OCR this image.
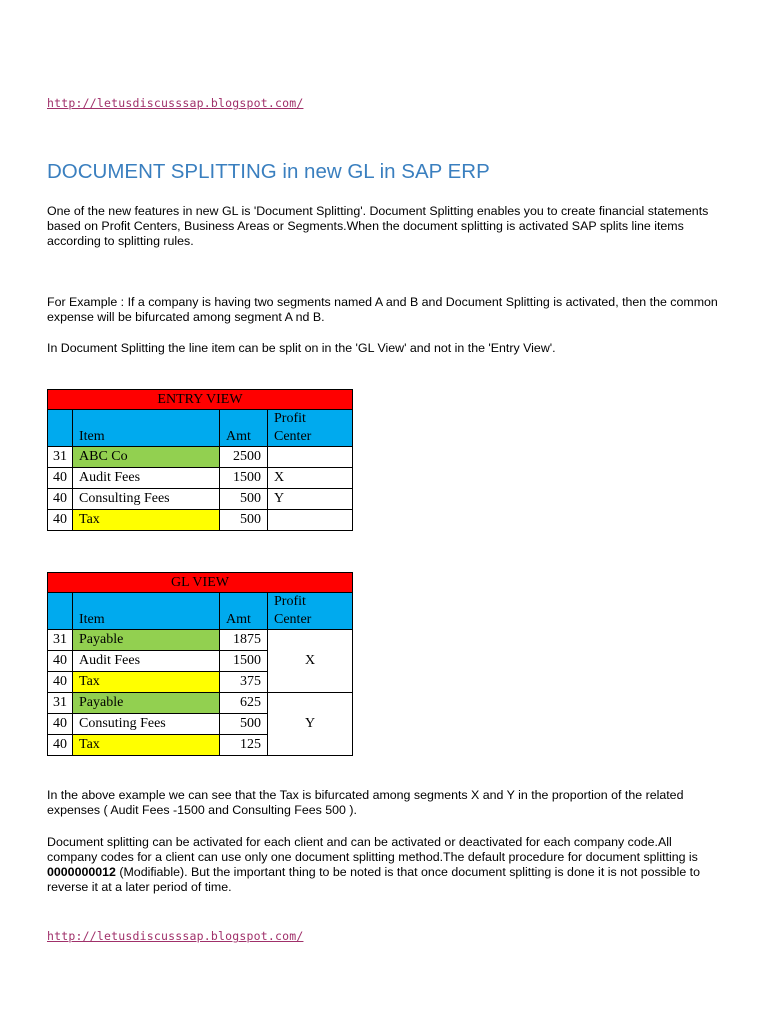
http://letusdiscusssap.blogspot.com/
DOCUMENT SPLITTING in new GL in SAP ERP

One of the new features in new GL is 'Document Splitting'. Document Splitting enables you to create financial statements based on Profit Centers, Business Areas or Segments.When the document splitting is activated SAP splits line items according to splitting rules.

For Example : If a company is having two segments named A and B and Document Splitting is activated, then the common expense will be bifurcated among segment A nd B.

In Document Splitting the line item can be split on in the 'GL View' and not in the 'Entry View'.

ENTRY VIEW			
	Item	Amt	Profit
Center
31	ABC Co	2500	
40	Audit Fees	1500	X
40	Consulting Fees	500	Y
40	Tax	500	
GL VIEW			
	Item	Amt	Profit
Center
31	Payable	1875	X
40	Audit Fees	1500	
40	Tax	375	
31	Payable	625	Y
40	Consuting Fees	500	
40	Tax	125	

In the above example we can see that the Tax is bifurcated among segments X and Y in the proportion of the related expenses ( Audit Fees -1500 and Consulting Fees 500 ).

Document splitting can be activated for each client and can be activated or deactivated for each company code.All company codes for a client can use only one document splitting method.The default procedure for document splitting is 0000000012 (Modifiable). But the important thing to be noted is that once document splitting is done it is not possible to reverse it at a later period of time.

http://letusdiscusssap.blogspot.com/
